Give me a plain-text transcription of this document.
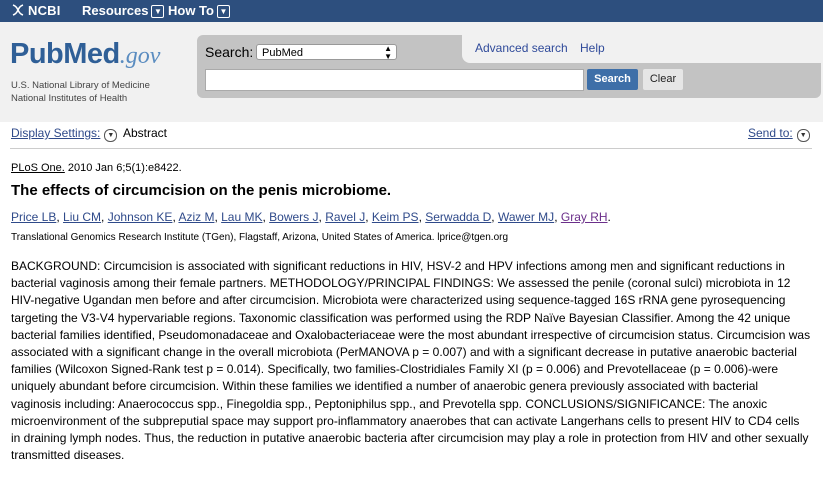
NCBI Resources ▼ How To ▼
PubMed.gov
U.S. National Library of Medicine
National Institutes of Health
Search: PubMed	▲
▼
Advanced search Help
Search	Clear
Display Settings: ▼ Abstract	Send to: ▼
PLoS One. 2010 Jan 6;5(1):e8422.
The effects of circumcision on the penis microbiome.
Price LB, Liu CM, Johnson KE, Aziz M, Lau MK, Bowers J, Ravel J, Keim PS, Serwadda D, Wawer MJ, Gray RH.
Translational Genomics Research Institute (TGen), Flagstaff, Arizona, United States of America. lprice@tgen.org
BACKGROUND: Circumcision is associated with significant reductions in HIV, HSV-2 and HPV infections among men and significant reductions in bacterial vaginosis among their female partners. METHODOLOGY/PRINCIPAL FINDINGS: We assessed the penile (coronal sulci) microbiota in 12 HIV-negative Ugandan men before and after circumcision. Microbiota were characterized using sequence-tagged 16S rRNA gene pyrosequencing targeting the V3-V4 hypervariable regions. Taxonomic classification was performed using the RDP Naïve Bayesian Classifier. Among the 42 unique bacterial families identified, Pseudomonadaceae and Oxalobacteriaceae were the most abundant irrespective of circumcision status. Circumcision was associated with a significant change in the overall microbiota (PerMANOVA p = 0.007) and with a significant decrease in putative anaerobic bacterial families (Wilcoxon Signed-Rank test p = 0.014). Specifically, two families-Clostridiales Family XI (p = 0.006) and Prevotellaceae (p = 0.006)-were uniquely abundant before circumcision. Within these families we identified a number of anaerobic genera previously associated with bacterial vaginosis including: Anaerococcus spp., Finegoldia spp., Peptoniphilus spp., and Prevotella spp. CONCLUSIONS/SIGNIFICANCE: The anoxic microenvironment of the subpreputial space may support pro-inflammatory anaerobes that can activate Langerhans cells to present HIV to CD4 cells in draining lymph nodes. Thus, the reduction in putative anaerobic bacteria after circumcision may play a role in protection from HIV and other sexually transmitted diseases.
